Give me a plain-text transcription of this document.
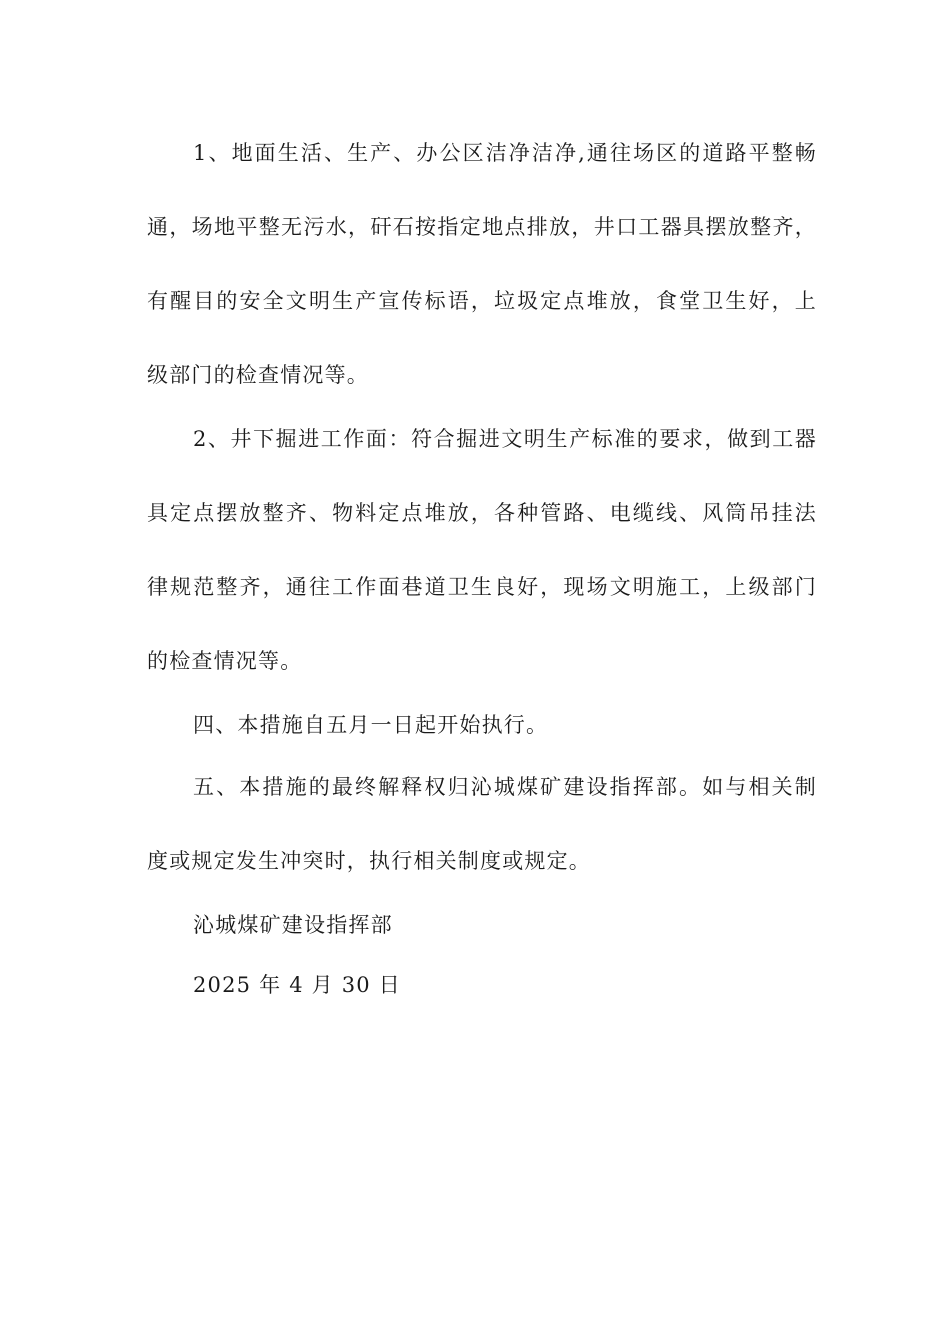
1、地面生活、生产、办公区洁净洁净,通往场区的道路平整畅
通，场地平整无污水，矸石按指定地点排放，井口工器具摆放整齐，
有醒目的安全文明生产宣传标语，垃圾定点堆放，食堂卫生好，上
级部门的检查情况等。
2、井下掘进工作面：符合掘进文明生产标准的要求，做到工器
具定点摆放整齐、物料定点堆放，各种管路、电缆线、风筒吊挂法
律规范整齐，通往工作面巷道卫生良好，现场文明施工，上级部门
的检查情况等。
四、本措施自五月一日起开始执行。
五、本措施的最终解释权归沁城煤矿建设指挥部。如与相关制
度或规定发生冲突时，执行相关制度或规定。
沁城煤矿建设指挥部
2025 年 4 月 30 日
